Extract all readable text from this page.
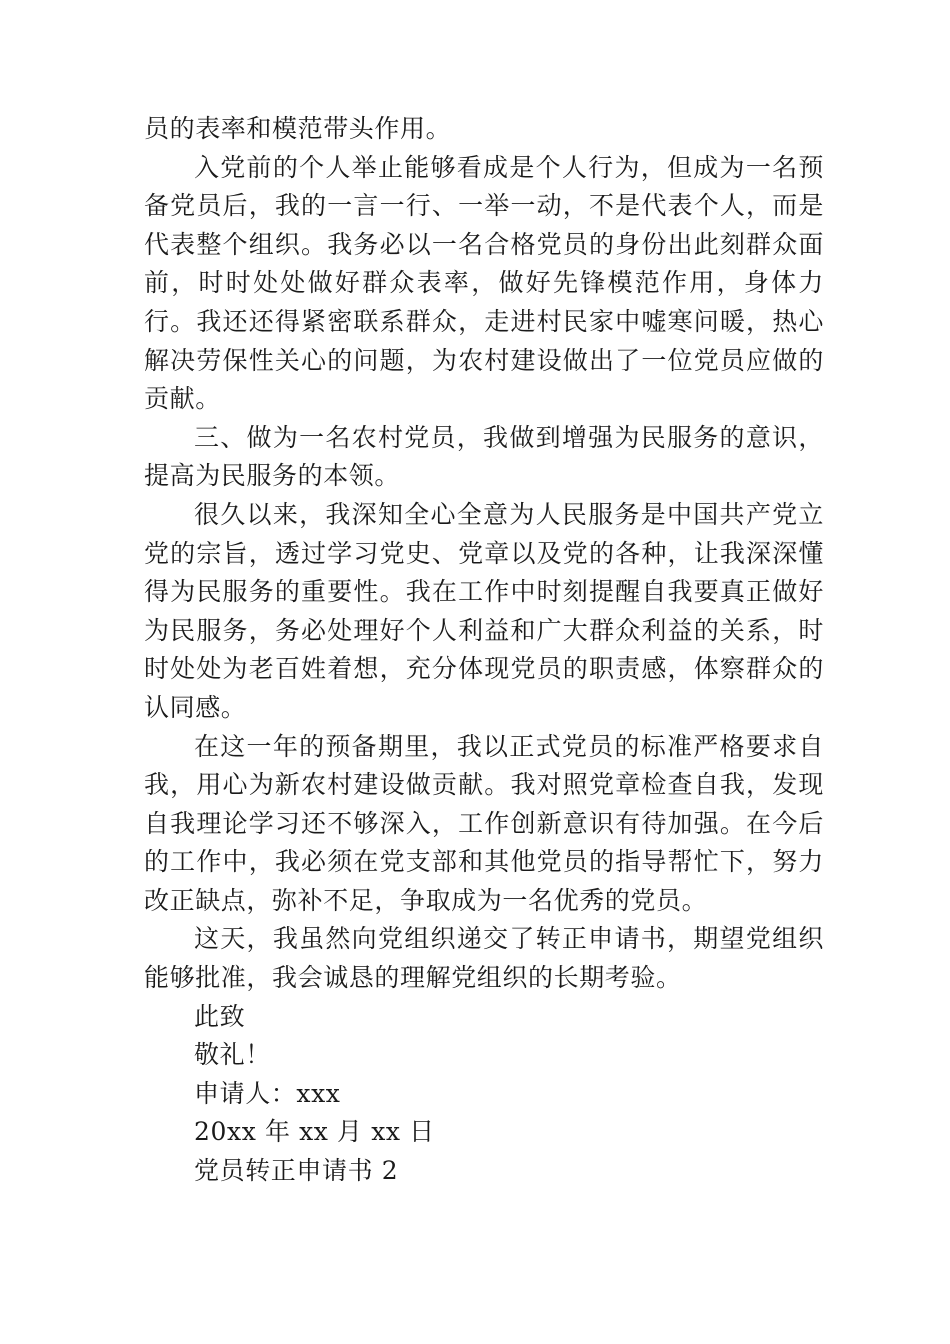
员的表率和模范带头作用。

入党前的个人举止能够看成是个人行为，但成为一名预备党员后，我的一言一行、一举一动，不是代表个人，而是代表整个组织。我务必以一名合格党员的身份出此刻群众面前，时时处处做好群众表率，做好先锋模范作用，身体力行。我还还得紧密联系群众，走进村民家中嘘寒问暖，热心解决劳保性关心的问题，为农村建设做出了一位党员应做的贡献。

三、做为一名农村党员，我做到增强为民服务的意识，提高为民服务的本领。

很久以来，我深知全心全意为人民服务是中国共产党立党的宗旨，透过学习党史、党章以及党的各种，让我深深懂得为民服务的重要性。我在工作中时刻提醒自我要真正做好为民服务，务必处理好个人利益和广大群众利益的关系，时时处处为老百姓着想，充分体现党员的职责感，体察群众的认同感。

在这一年的预备期里，我以正式党员的标准严格要求自我，用心为新农村建设做贡献。我对照党章检查自我，发现自我理论学习还不够深入，工作创新意识有待加强。在今后的工作中，我必须在党支部和其他党员的指导帮忙下，努力改正缺点，弥补不足，争取成为一名优秀的党员。

这天，我虽然向党组织递交了转正申请书，期望党组织能够批准，我会诚恳的理解党组织的长期考验。

此致

敬礼！

申请人：xxx

20xx 年 xx 月 xx 日

党员转正申请书 2
